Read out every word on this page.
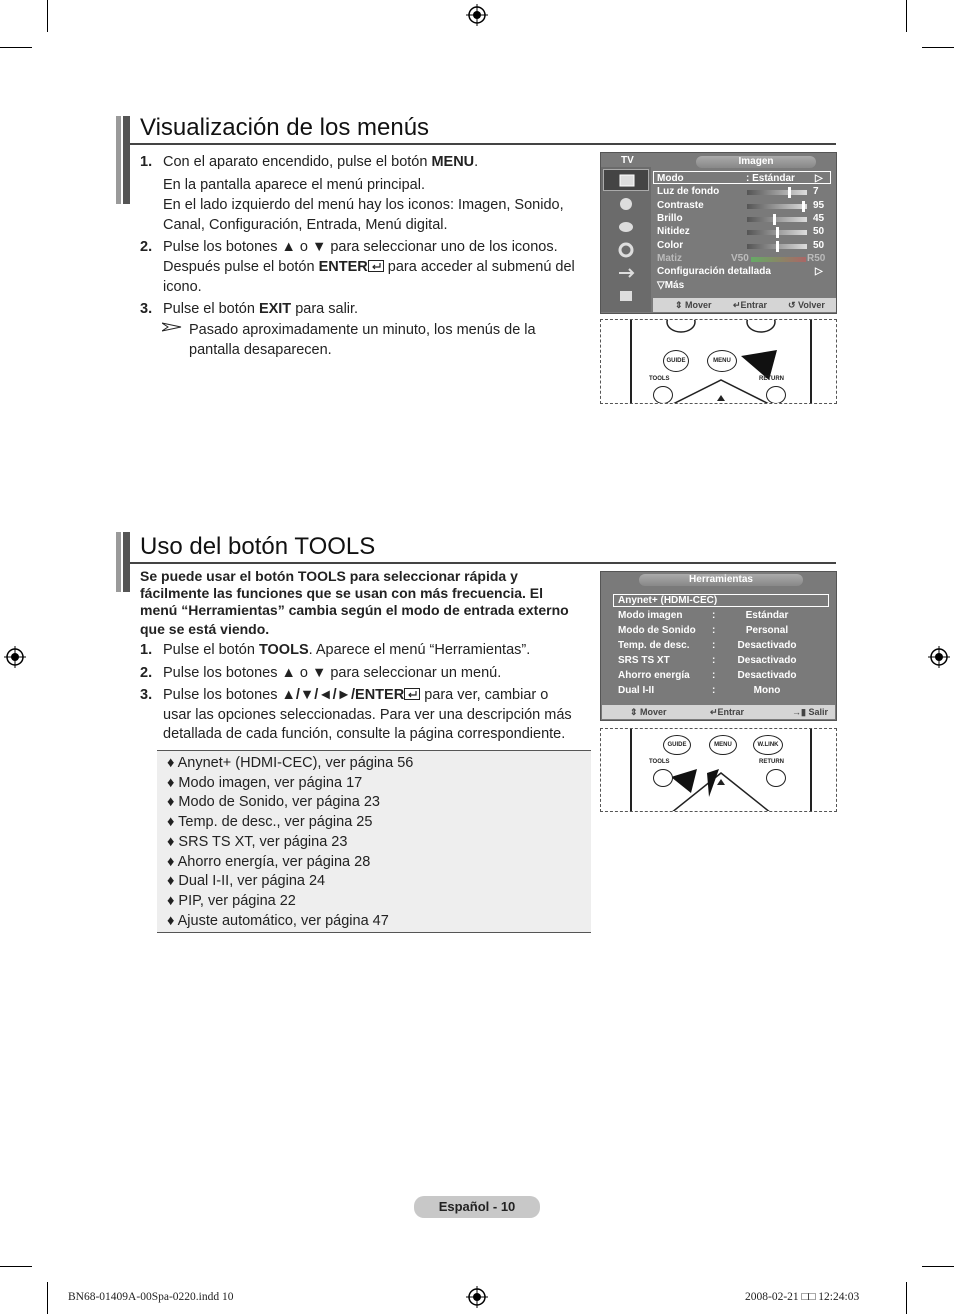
Visualización de los menús
1. Con el aparato encendido, pulse el botón MENU.
En la pantalla aparece el menú principal.
En el lado izquierdo del menú hay los iconos: Imagen, Sonido,
Canal, Configuración, Entrada, Menú digital.
2. Pulse los botones ▲ o ▼ para seleccionar uno de los iconos.
Después pulse el botón ENTER para acceder al submenú del
icono.
3. Pulse el botón EXIT para salir.
Pasado aproximadamente un minuto, los menús de la
pantalla desaparecen.
TV	Imagen
Modo	: Estándar ▷
Luz de fondo	7
Contraste	95
Brillo	45
Nitidez	50
Color	50
Matiz	V50	R50
Configuración detallada	▷
▽Más
⇕ Mover ↵Entrar ↺ Volver
GUIDE	MENU
TOOLS	RETURN
Uso del botón TOOLS
Se puede usar el botón TOOLS para seleccionar rápida y
fácilmente las funciones que se usan con más frecuencia. El
menú “Herramientas” cambia según el modo de entrada externo
que se está viendo.
1. Pulse el botón TOOLS. Aparece el menú “Herramientas”.
2. Pulse los botones ▲ o ▼ para seleccionar un menú.
3. Pulse los botones ▲/▼/◄/►/ENTER para ver, cambiar o
usar las opciones seleccionadas. Para ver una descripción más
detallada de cada función, consulte la página correspondiente.
♦ Anynet+ (HDMI-CEC), ver página 56
♦ Modo imagen, ver página 17
♦ Modo de Sonido, ver página 23
♦ Temp. de desc., ver página 25
♦ SRS TS XT, ver página 23
♦ Ahorro energía, ver página 28
♦ Dual I-II, ver página 24
♦ PIP, ver página 22
♦ Ajuste automático, ver página 47
Herramientas
Anynet+ (HDMI-CEC)
Modo imagen	:	Estándar
Modo de Sonido :	Personal
Temp. de desc. :	Desactivado
SRS TS XT	:	Desactivado
Ahorro energía :	Desactivado
Dual I-II	:	Mono
⇕ Mover	↵Entrar	→▮ Salir
GUIDE	MENU	W.LINK
TOOLS	RETURN
Español - 10
BN68-01409A-00Spa-0220.indd 10	2008-02-21 □□ 12:24:03
